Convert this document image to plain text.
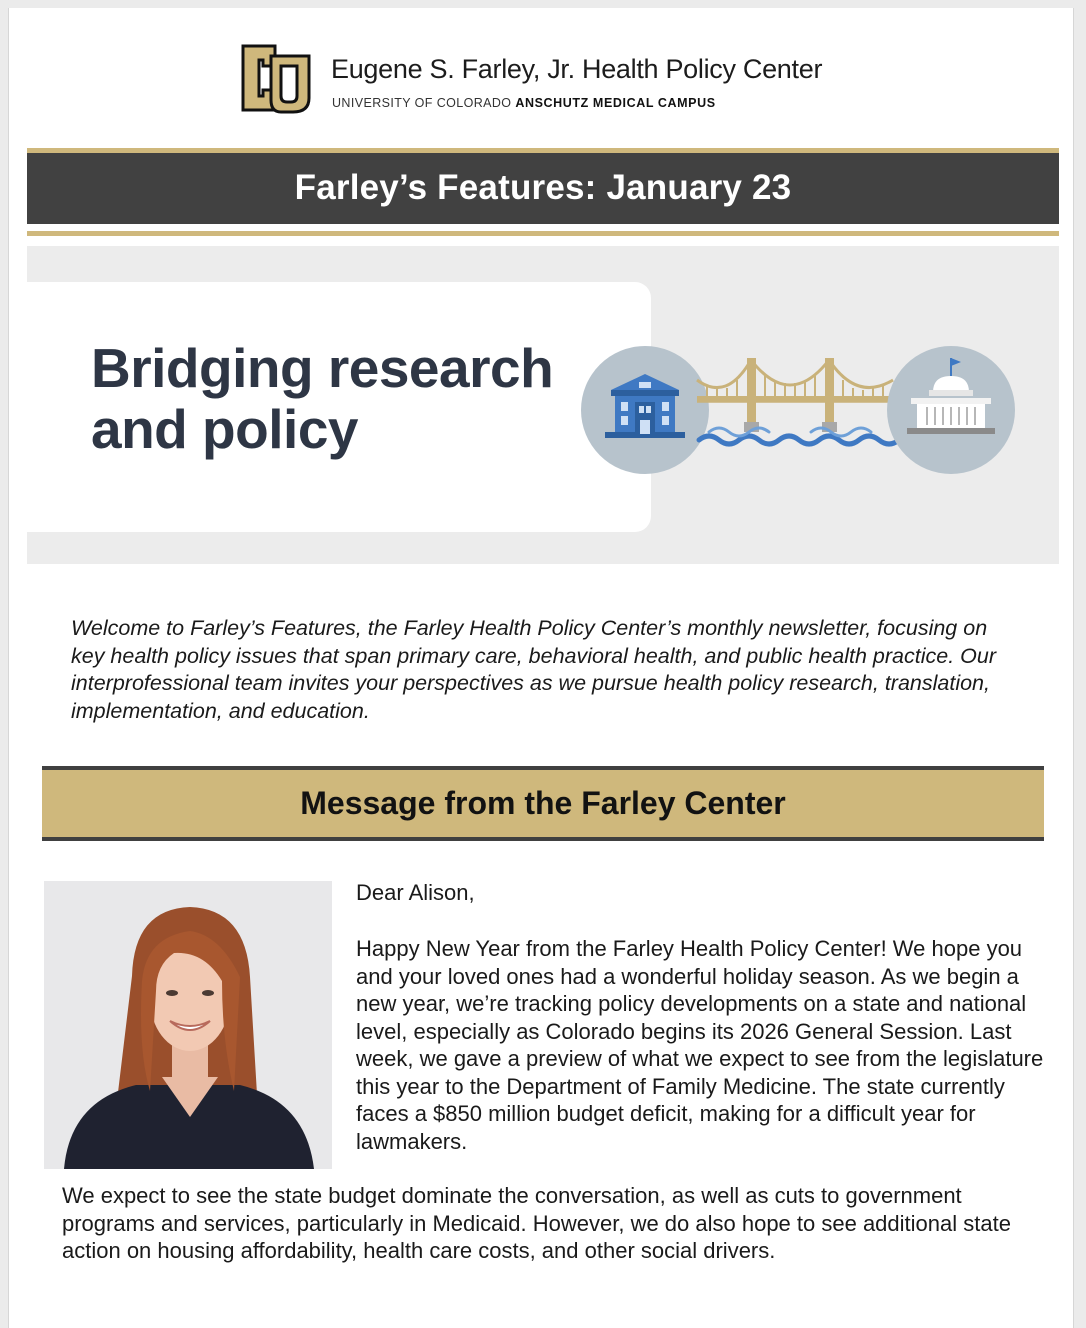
Eugene S. Farley, Jr. Health Policy Center
UNIVERSITY OF COLORADO ANSCHUTZ MEDICAL CAMPUS
Farley’s Features: January 23
Bridging research
and policy
Welcome to Farley’s Features, the Farley Health Policy Center’s monthly newsletter, focusing on key health policy issues that span primary care, behavioral health, and public health practice. Our interprofessional team invites your perspectives as we pursue health policy research, translation, implementation, and education.
Message from the Farley Center
Dear Alison,
Happy New Year from the Farley Health Policy Center! We hope you and your loved ones had a wonderful holiday season. As we begin a new year, we’re tracking policy developments on a state and national level, especially as Colorado begins its 2026 General Session. Last week, we gave a preview of what we expect to see from the legislature this year to the Department of Family Medicine. The state currently faces a $850 million budget deficit, making for a difficult year for lawmakers.
We expect to see the state budget dominate the conversation, as well as cuts to government programs and services, particularly in Medicaid. However, we do also hope to see additional state action on housing affordability, health care costs, and other social drivers.
